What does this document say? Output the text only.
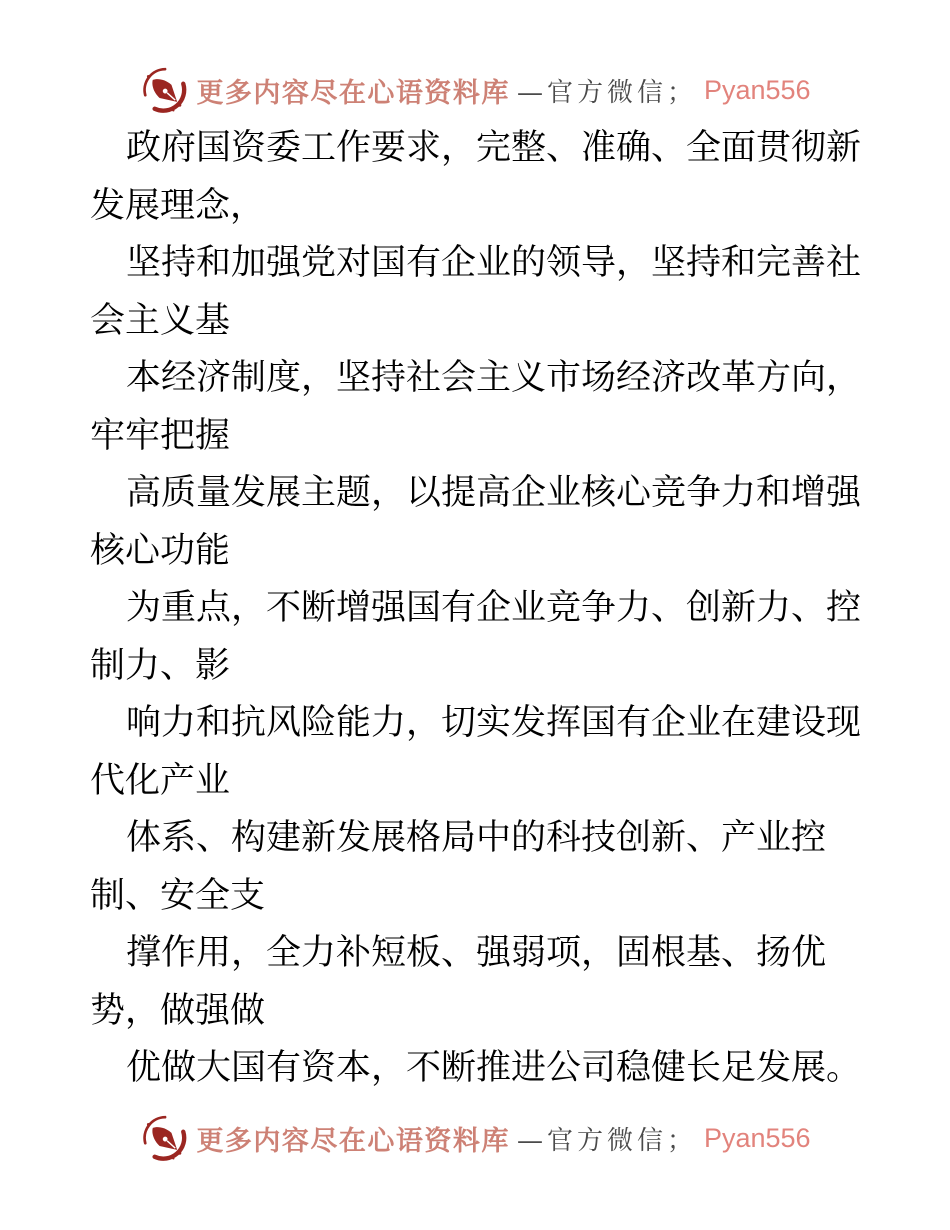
更多内容尽在心语资料库 —官方微信； Pyan556
政府国资委工作要求，完整、准确、全面贯彻新
发展理念，
坚持和加强党对国有企业的领导，坚持和完善社
会主义基
本经济制度，坚持社会主义市场经济改革方向，
牢牢把握
高质量发展主题，以提高企业核心竞争力和增强
核心功能
为重点，不断增强国有企业竞争力、创新力、控
制力、影
响力和抗风险能力，切实发挥国有企业在建设现
代化产业
体系、构建新发展格局中的科技创新、产业控
制、安全支
撑作用，全力补短板、强弱项，固根基、扬优
势，做强做
优做大国有资本，不断推进公司稳健长足发展。
更多内容尽在心语资料库 —官方微信； Pyan556
